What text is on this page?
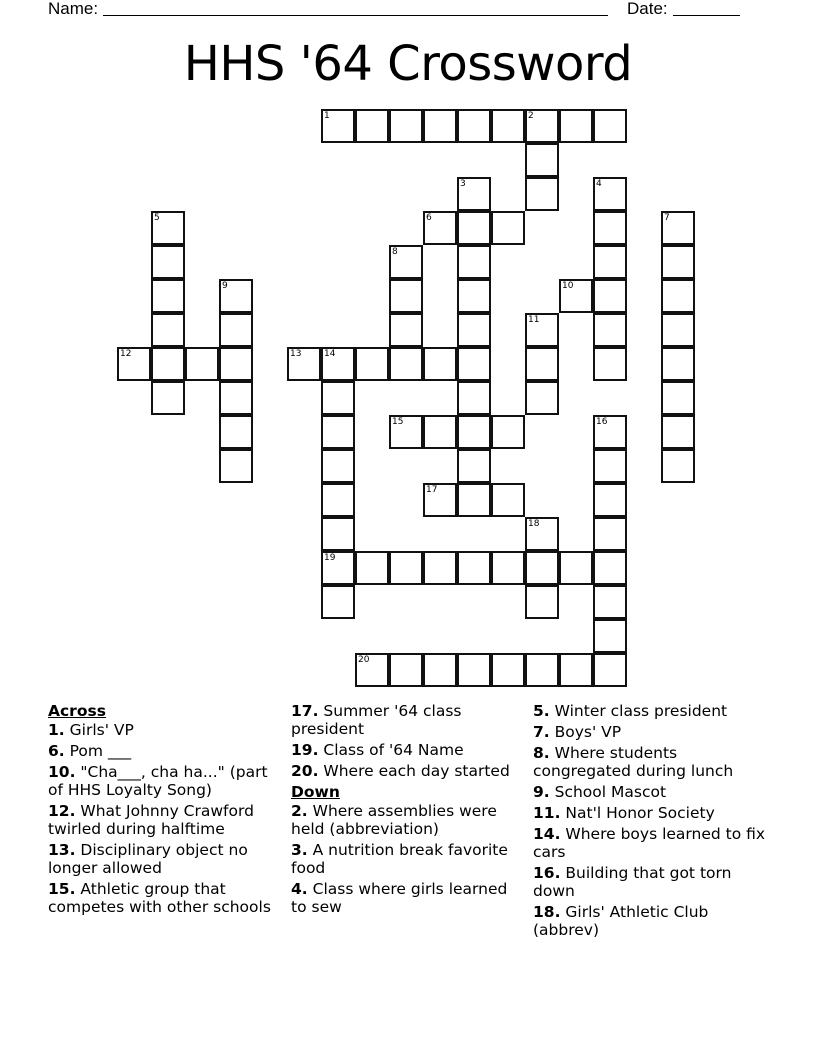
Name:	Date:
HHS '64 Crossword
1	2
3	4
5	6	7
8
9	10
11
12	13	14
19
15	16
17
18
20
Across
1. Girls' VP
6. Pom ___
10. "Cha___, cha ha..." (part of HHS Loyalty Song)
12. What Johnny Crawford twirled during halftime
13. Disciplinary object no longer allowed
15. Athletic group that competes with other schools
17. Summer '64 class president
19. Class of '64 Name
20. Where each day started
Down
2. Where assemblies were held (abbreviation)
3. A nutrition break favorite food
4. Class where girls learned to sew
5. Winter class president
7. Boys' VP
8. Where students congregated during lunch
9. School Mascot
11. Nat'l Honor Society
14. Where boys learned to fix cars
16. Building that got torn down
18. Girls' Athletic Club (abbrev)
